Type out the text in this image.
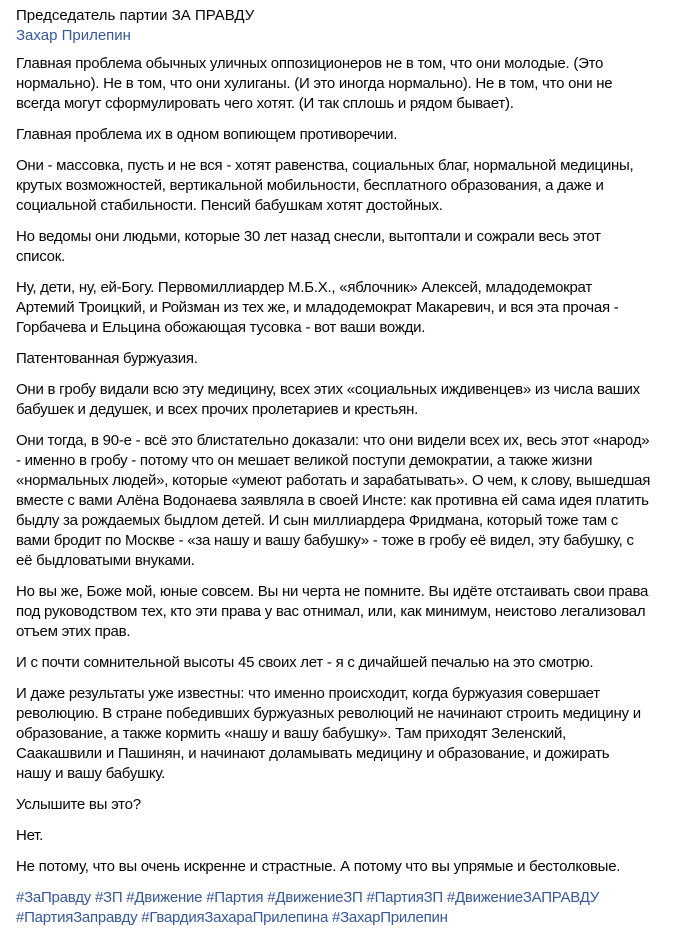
Председатель партии ЗА ПРАВДУ
Захар Прилепин

Главная проблема обычных уличных оппозиционеров не в том, что они молодые. (Это
нормально). Не в том, что они хулиганы. (И это иногда нормально). Не в том, что они не
всегда могут сформулировать чего хотят. (И так сплошь и рядом бывает).

Главная проблема их в одном вопиющем противоречии.

Они - массовка, пусть и не вся - хотят равенства, социальных благ, нормальной медицины,
крутых возможностей, вертикальной мобильности, бесплатного образования, а даже и
социальной стабильности. Пенсий бабушкам хотят достойных.

Но ведомы они людьми, которые 30 лет назад снесли, вытоптали и сожрали весь этот
список.

Ну, дети, ну, ей-Богу. Первомиллиардер М.Б.Х., «яблочник» Алексей, младодемократ
Артемий Троицкий, и Ройзман из тех же, и младодемократ Макаревич, и вся эта прочая -
Горбачева и Ельцина обожающая тусовка - вот ваши вожди.

Патентованная буржуазия.

Они в гробу видали всю эту медицину, всех этих «социальных иждивенцев» из числа ваших
бабушек и дедушек, и всех прочих пролетариев и крестьян.

Они тогда, в 90-е - всё это блистательно доказали: что они видели всех их, весь этот «народ»
- именно в гробу - потому что он мешает великой поступи демократии, а также жизни
«нормальных людей», которые «умеют работать и зарабатывать». О чем, к слову, вышедшая
вместе с вами Алёна Водонаева заявляла в своей Инсте: как противна ей сама идея платить
быдлу за рождаемых быдлом детей. И сын миллиардера Фридмана, который тоже там с
вами бродит по Москве - «за нашу и вашу бабушку» - тоже в гробу её видел, эту бабушку, с
её быдловатыми внуками.

Но вы же, Боже мой, юные совсем. Вы ни черта не помните. Вы идёте отстаивать свои права
под руководством тех, кто эти права у вас отнимал, или, как минимум, неистово легализовал
отъем этих прав.

И с почти сомнительной высоты 45 своих лет - я с дичайшей печалью на это смотрю.

И даже результаты уже известны: что именно происходит, когда буржуазия совершает
революцию. В стране победивших буржуазных революций не начинают строить медицину и
образование, а также кормить «нашу и вашу бабушку». Там приходят Зеленский,
Саакашвили и Пашинян, и начинают доламывать медицину и образование, и дожирать
нашу и вашу бабушку.

Услышите вы это?

Нет.

Не потому, что вы очень искренне и страстные. А потому что вы упрямые и бестолковые.

#ЗаПравду #ЗП #Движение #Партия #ДвижениеЗП #ПартияЗП #ДвижениеЗАПРАВДУ
#ПартияЗаправду #ГвардияЗахараПрилепина #ЗахарПрилепин
